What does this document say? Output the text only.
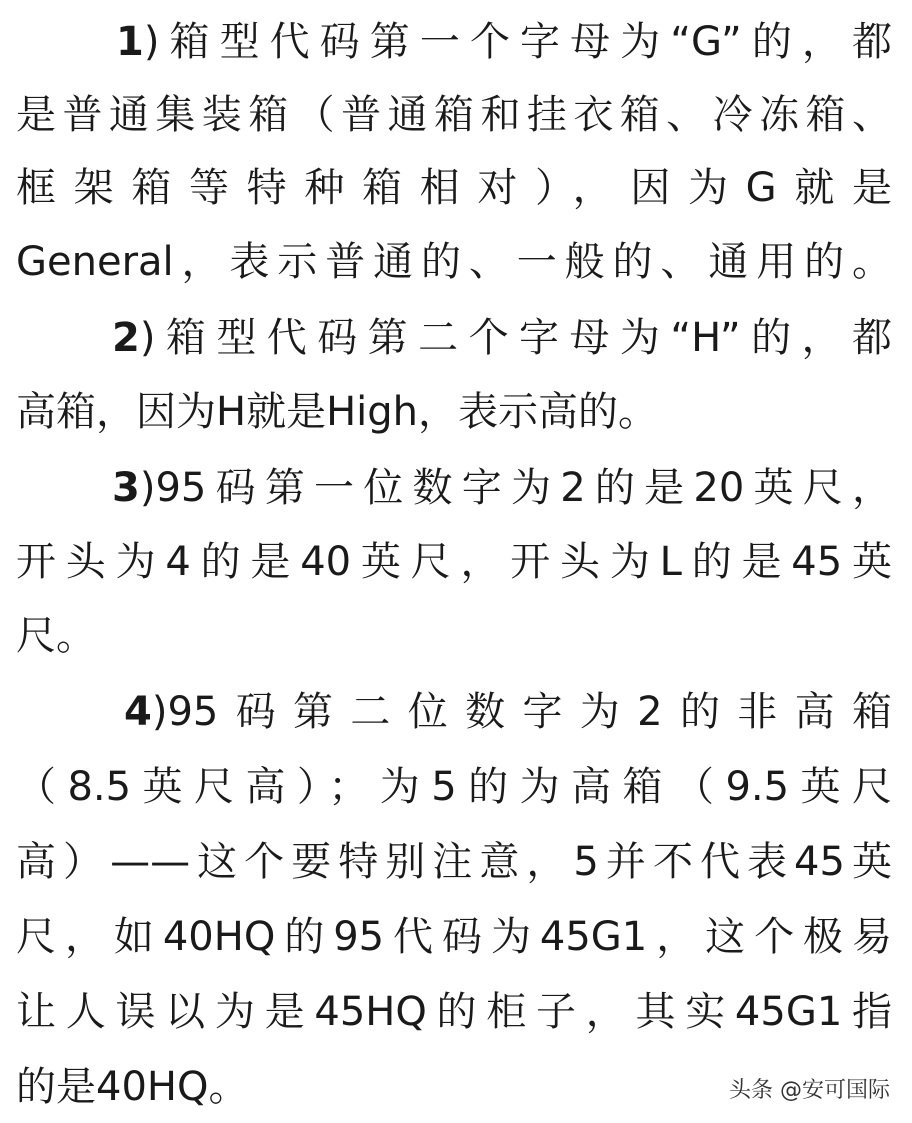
1)箱型代码第一个字母为“G”的，都
是普通集装箱（普通箱和挂衣箱、冷冻箱、
框架箱等特种箱相对），因为G就是
General，表示普通的、一般的、通用的。
2)箱型代码第二个字母为“H”的，都
高箱，因为H就是High，表示高的。
3)95码第一位数字为2的是20英尺，
开头为4的是40英尺，开头为L的是45英
尺。
4)95码第二位数字为2的非高箱
（8.5英尺高）；为5的为高箱（9.5英尺
高）——这个要特别注意，5并不代表45英
尺，如40HQ的95代码为45G1，这个极易
让人误以为是45HQ的柜子，其实45G1指
的是40HQ。	头条 @安可国际
